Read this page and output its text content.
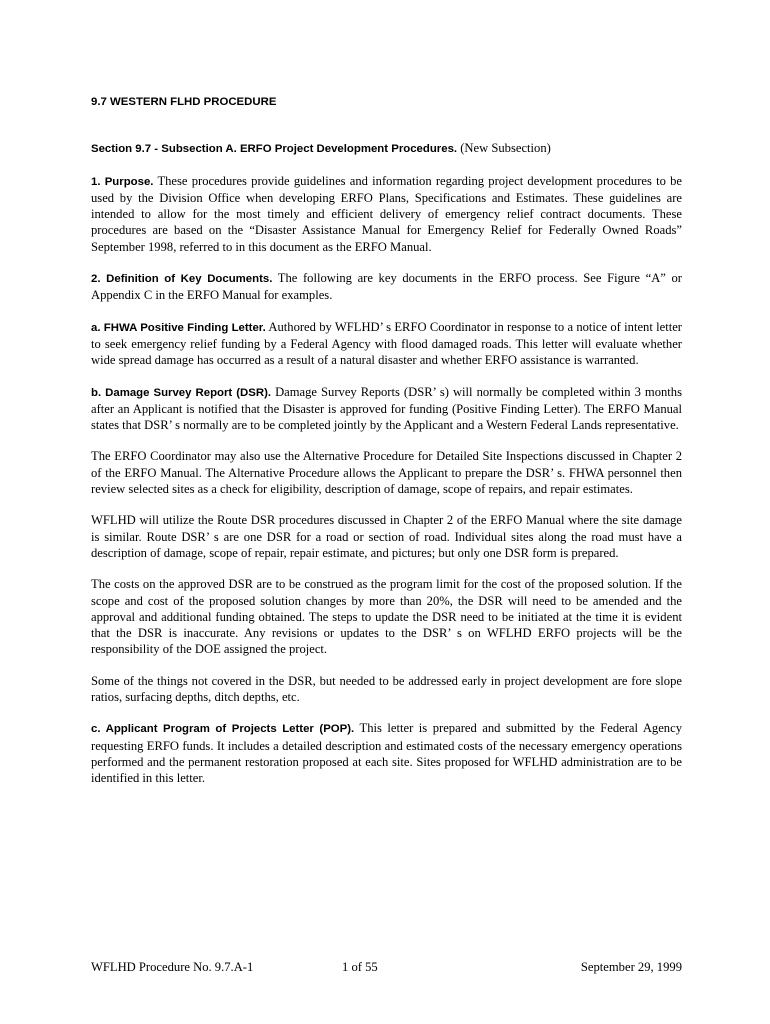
9.7 WESTERN FLHD PROCEDURE

Section 9.7 - Subsection A. ERFO Project Development Procedures. (New Subsection)

1. Purpose. These procedures provide guidelines and information regarding project development procedures to be used by the Division Office when developing ERFO Plans, Specifications and Estimates. These guidelines are intended to allow for the most timely and efficient delivery of emergency relief contract documents. These procedures are based on the “Disaster Assistance Manual for Emergency Relief for Federally Owned Roads” September 1998, referred to in this document as the ERFO Manual.

2. Definition of Key Documents. The following are key documents in the ERFO process. See Figure “A” or Appendix C in the ERFO Manual for examples.

a. FHWA Positive Finding Letter. Authored by WFLHD’ s ERFO Coordinator in response to a notice of intent letter to seek emergency relief funding by a Federal Agency with flood damaged roads. This letter will evaluate whether wide spread damage has occurred as a result of a natural disaster and whether ERFO assistance is warranted.

b. Damage Survey Report (DSR). Damage Survey Reports (DSR’ s) will normally be completed within 3 months after an Applicant is notified that the Disaster is approved for funding (Positive Finding Letter). The ERFO Manual states that DSR’ s normally are to be completed jointly by the Applicant and a Western Federal Lands representative.

The ERFO Coordinator may also use the Alternative Procedure for Detailed Site Inspections discussed in Chapter 2 of the ERFO Manual. The Alternative Procedure allows the Applicant to prepare the DSR’ s. FHWA personnel then review selected sites as a check for eligibility, description of damage, scope of repairs, and repair estimates.

WFLHD will utilize the Route DSR procedures discussed in Chapter 2 of the ERFO Manual where the site damage is similar. Route DSR’ s are one DSR for a road or section of road. Individual sites along the road must have a description of damage, scope of repair, repair estimate, and pictures; but only one DSR form is prepared.

The costs on the approved DSR are to be construed as the program limit for the cost of the proposed solution. If the scope and cost of the proposed solution changes by more than 20%, the DSR will need to be amended and the approval and additional funding obtained. The steps to update the DSR need to be initiated at the time it is evident that the DSR is inaccurate. Any revisions or updates to the DSR’ s on WFLHD ERFO projects will be the responsibility of the DOE assigned the project.

Some of the things not covered in the DSR, but needed to be addressed early in project development are fore slope ratios, surfacing depths, ditch depths, etc.

c. Applicant Program of Projects Letter (POP). This letter is prepared and submitted by the Federal Agency requesting ERFO funds. It includes a detailed description and estimated costs of the necessary emergency operations performed and the permanent restoration proposed at each site. Sites proposed for WFLHD administration are to be identified in this letter.

WFLHD Procedure No. 9.7.A-1	1 of 55	September 29, 1999
